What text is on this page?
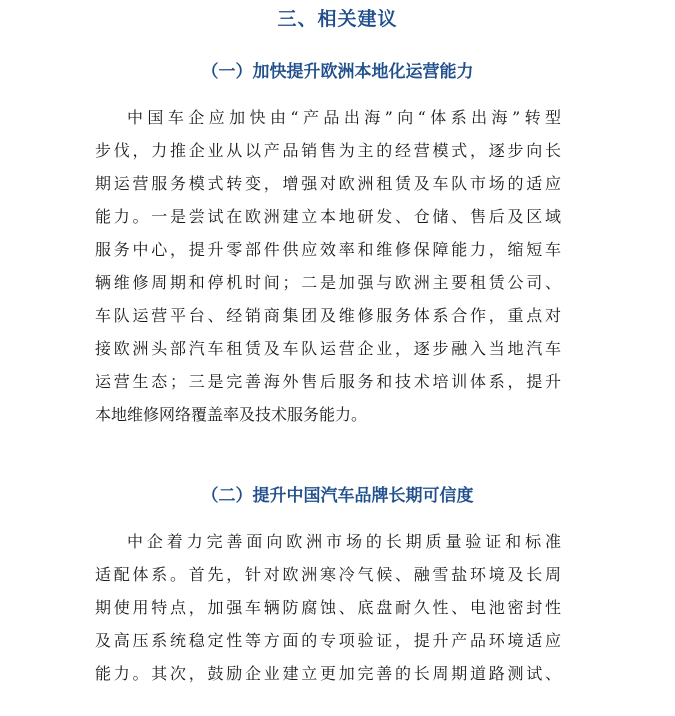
三、相关建议
（一）加快提升欧洲本地化运营能力
中国车企应加快由“产品出海”向“体系出海”转型
步伐，力推企业从以产品销售为主的经营模式，逐步向长
期运营服务模式转变，增强对欧洲租赁及车队市场的适应
能力。一是尝试在欧洲建立本地研发、仓储、售后及区域
服务中心，提升零部件供应效率和维修保障能力，缩短车
辆维修周期和停机时间；二是加强与欧洲主要租赁公司、
车队运营平台、经销商集团及维修服务体系合作，重点对
接欧洲头部汽车租赁及车队运营企业，逐步融入当地汽车
运营生态；三是完善海外售后服务和技术培训体系，提升
本地维修网络覆盖率及技术服务能力。
（二）提升中国汽车品牌长期可信度
中企着力完善面向欧洲市场的长期质量验证和标准
适配体系。首先，针对欧洲寒冷气候、融雪盐环境及长周
期使用特点，加强车辆防腐蚀、底盘耐久性、电池密封性
及高压系统稳定性等方面的专项验证，提升产品环境适应
能力。其次，鼓励企业建立更加完善的长周期道路测试、
